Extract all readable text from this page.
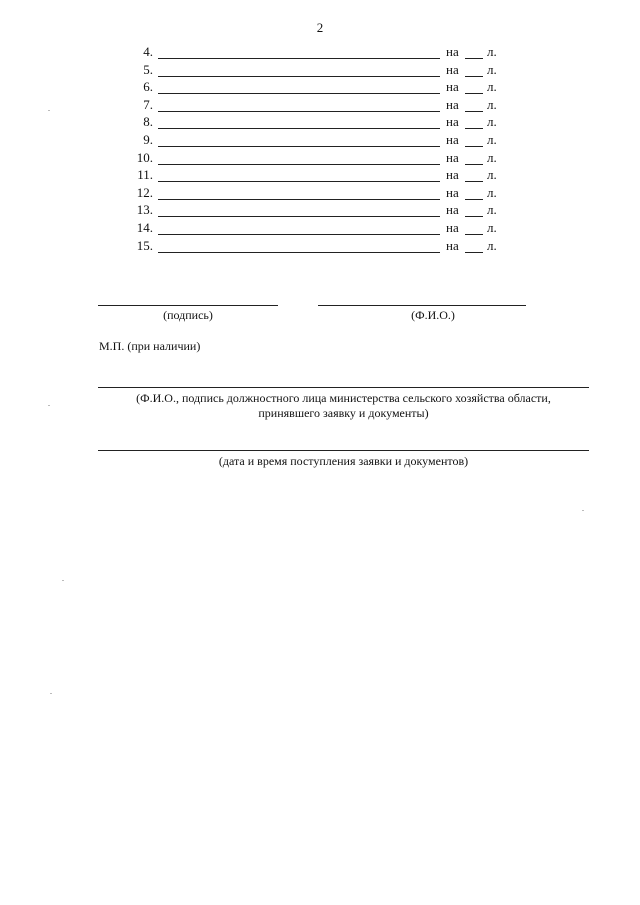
2
4.	на л.
5.	на л.
6.	на л.
7.	на л.
8.	на л.
9.	на л.
10.	на л.
11.	на л.
12.	на л.
13.	на л.
14.	на л.
15.	на л.
(подпись)	(Ф.И.О.)
М.П. (при наличии)
(Ф.И.О., подпись должностного лица министерства сельского хозяйства области,
принявшего заявку и документы)
(дата и время поступления заявки и документов)
